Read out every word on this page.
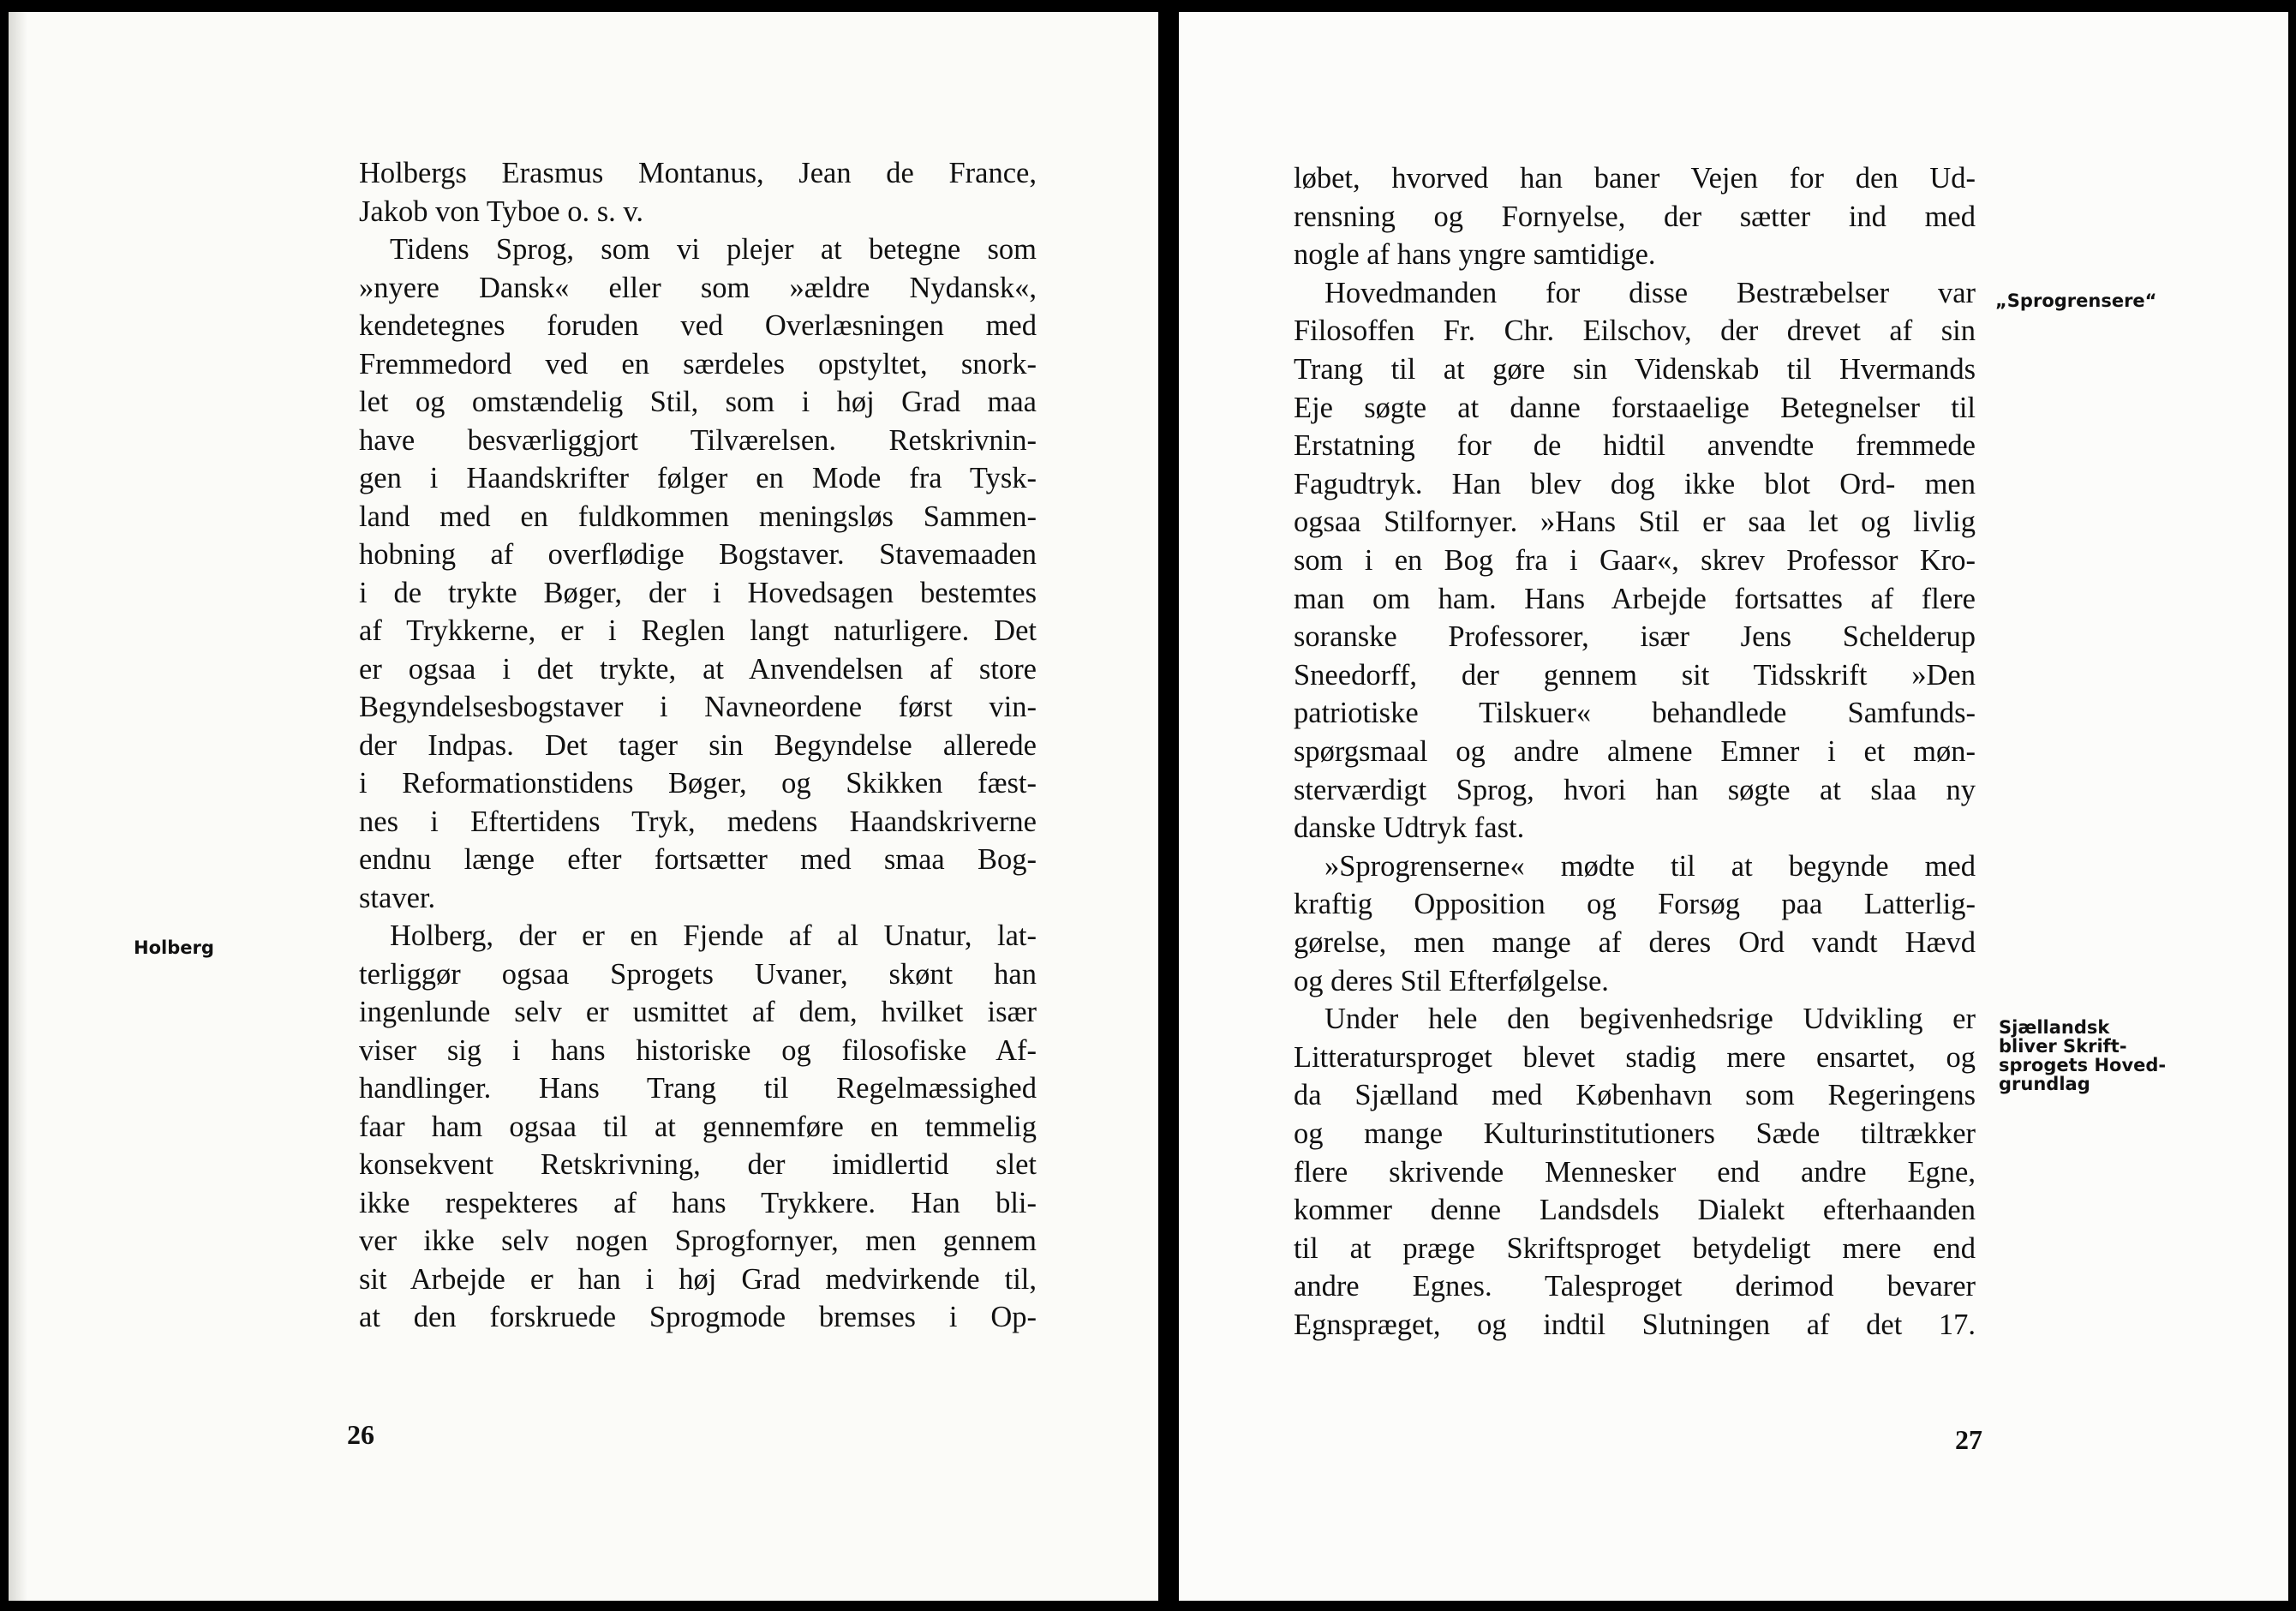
Holberg
Holbergs Erasmus Montanus, Jean de France,
Jakob von Tyboe o. s. v.
Tidens Sprog, som vi plejer at betegne som
»nyere Dansk« eller som »ældre Nydansk«,
kendetegnes foruden ved Overlæsningen med
Fremmedord ved en særdeles opstyltet, snork-
let og omstændelig Stil, som i høj Grad maa
have besværliggjort Tilværelsen. Retskrivnin-
gen i Haandskrifter følger en Mode fra Tysk-
land med en fuldkommen meningsløs Sammen-
hobning af overflødige Bogstaver. Stavemaaden
i de trykte Bøger, der i Hovedsagen bestemtes
af Trykkerne, er i Reglen langt naturligere. Det
er ogsaa i det trykte, at Anvendelsen af store
Begyndelsesbogstaver i Navneordene først vin-
der Indpas. Det tager sin Begyndelse allerede
i Reformationstidens Bøger, og Skikken fæst-
nes i Eftertidens Tryk, medens Haandskriverne
endnu længe efter fortsætter med smaa Bog-
staver.
Holberg, der er en Fjende af al Unatur, lat-
terliggør ogsaa Sprogets Uvaner, skønt han
ingenlunde selv er usmittet af dem, hvilket især
viser sig i hans historiske og filosofiske Af-
handlinger. Hans Trang til Regelmæssighed
faar ham ogsaa til at gennemføre en temmelig
konsekvent Retskrivning, der imidlertid slet
ikke respekteres af hans Trykkere. Han bli-
ver ikke selv nogen Sprogfornyer, men gennem
sit Arbejde er han i høj Grad medvirkende til,
at den forskruede Sprogmode bremses i Op-
26
løbet, hvorved han baner Vejen for den Ud-
rensning og Fornyelse, der sætter ind med
nogle af hans yngre samtidige.
Hovedmanden for disse Bestræbelser var
Filosoffen Fr. Chr. Eilschov, der drevet af sin
Trang til at gøre sin Videnskab til Hvermands
Eje søgte at danne forstaaelige Betegnelser til
Erstatning for de hidtil anvendte fremmede
Fagudtryk. Han blev dog ikke blot Ord- men
ogsaa Stilfornyer. »Hans Stil er saa let og livlig
som i en Bog fra i Gaar«, skrev Professor Kro-
man om ham. Hans Arbejde fortsattes af flere
soranske Professorer, især Jens Schelderup
Sneedorff, der gennem sit Tidsskrift »Den
patriotiske Tilskuer« behandlede Samfunds-
spørgsmaal og andre almene Emner i et møn-
sterværdigt Sprog, hvori han søgte at slaa ny
danske Udtryk fast.
»Sprogrenserne« mødte til at begynde med
kraftig Opposition og Forsøg paa Latterlig-
gørelse, men mange af deres Ord vandt Hævd
og deres Stil Efterfølgelse.
Under hele den begivenhedsrige Udvikling er
Litteratursproget blevet stadig mere ensartet, og
da Sjælland med København som Regeringens
og mange Kulturinstitutioners Sæde tiltrækker
flere skrivende Mennesker end andre Egne,
kommer denne Landsdels Dialekt efterhaanden
til at præge Skriftsproget betydeligt mere end
andre Egnes. Talesproget derimod bevarer
Egnspræget, og indtil Slutningen af det 17.
„Sprogrensere“
Sjællandsk
bliver Skrift-
sprogets Hoved-
grundlag
27
